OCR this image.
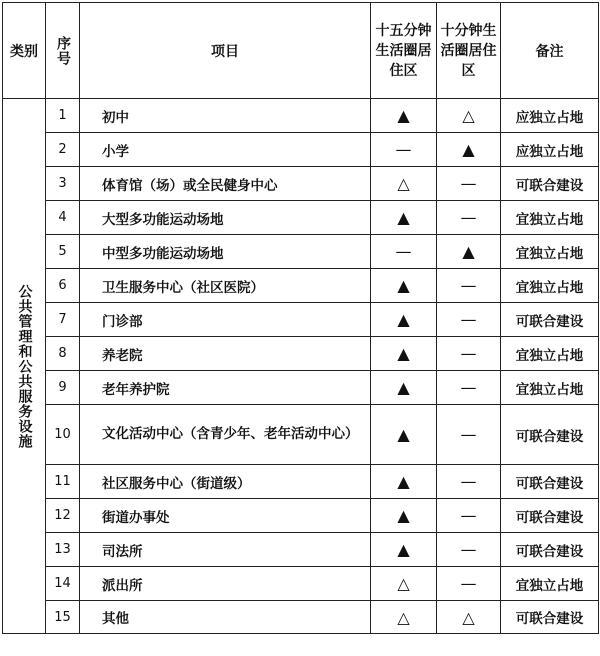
类别	序号	项目	十五分钟生活圈居住区	十分钟生活圈居住区	备注

公共管理和公共服务设施	1	初中	▲	△	应独立占地
	2	小学	—	▲	应独立占地
	3	体育馆（场）或全民健身中心	△	—	可联合建设
	4	大型多功能运动场地	▲	—	宜独立占地
	5	中型多功能运动场地	—	▲	宜独立占地
	6	卫生服务中心（社区医院）	▲	—	宜独立占地
	7	门诊部	▲	—	可联合建设
	8	养老院	▲	—	宜独立占地
	9	老年养护院	▲	—	宜独立占地
	10	文化活动中心（含青少年、老年活动中心）	▲	—	可联合建设
	11	社区服务中心（街道级）	▲	—	可联合建设
	12	街道办事处	▲	—	可联合建设
	13	司法所	▲	—	可联合建设
	14	派出所	△	—	宜独立占地
	15	其他	△	△	可联合建设
